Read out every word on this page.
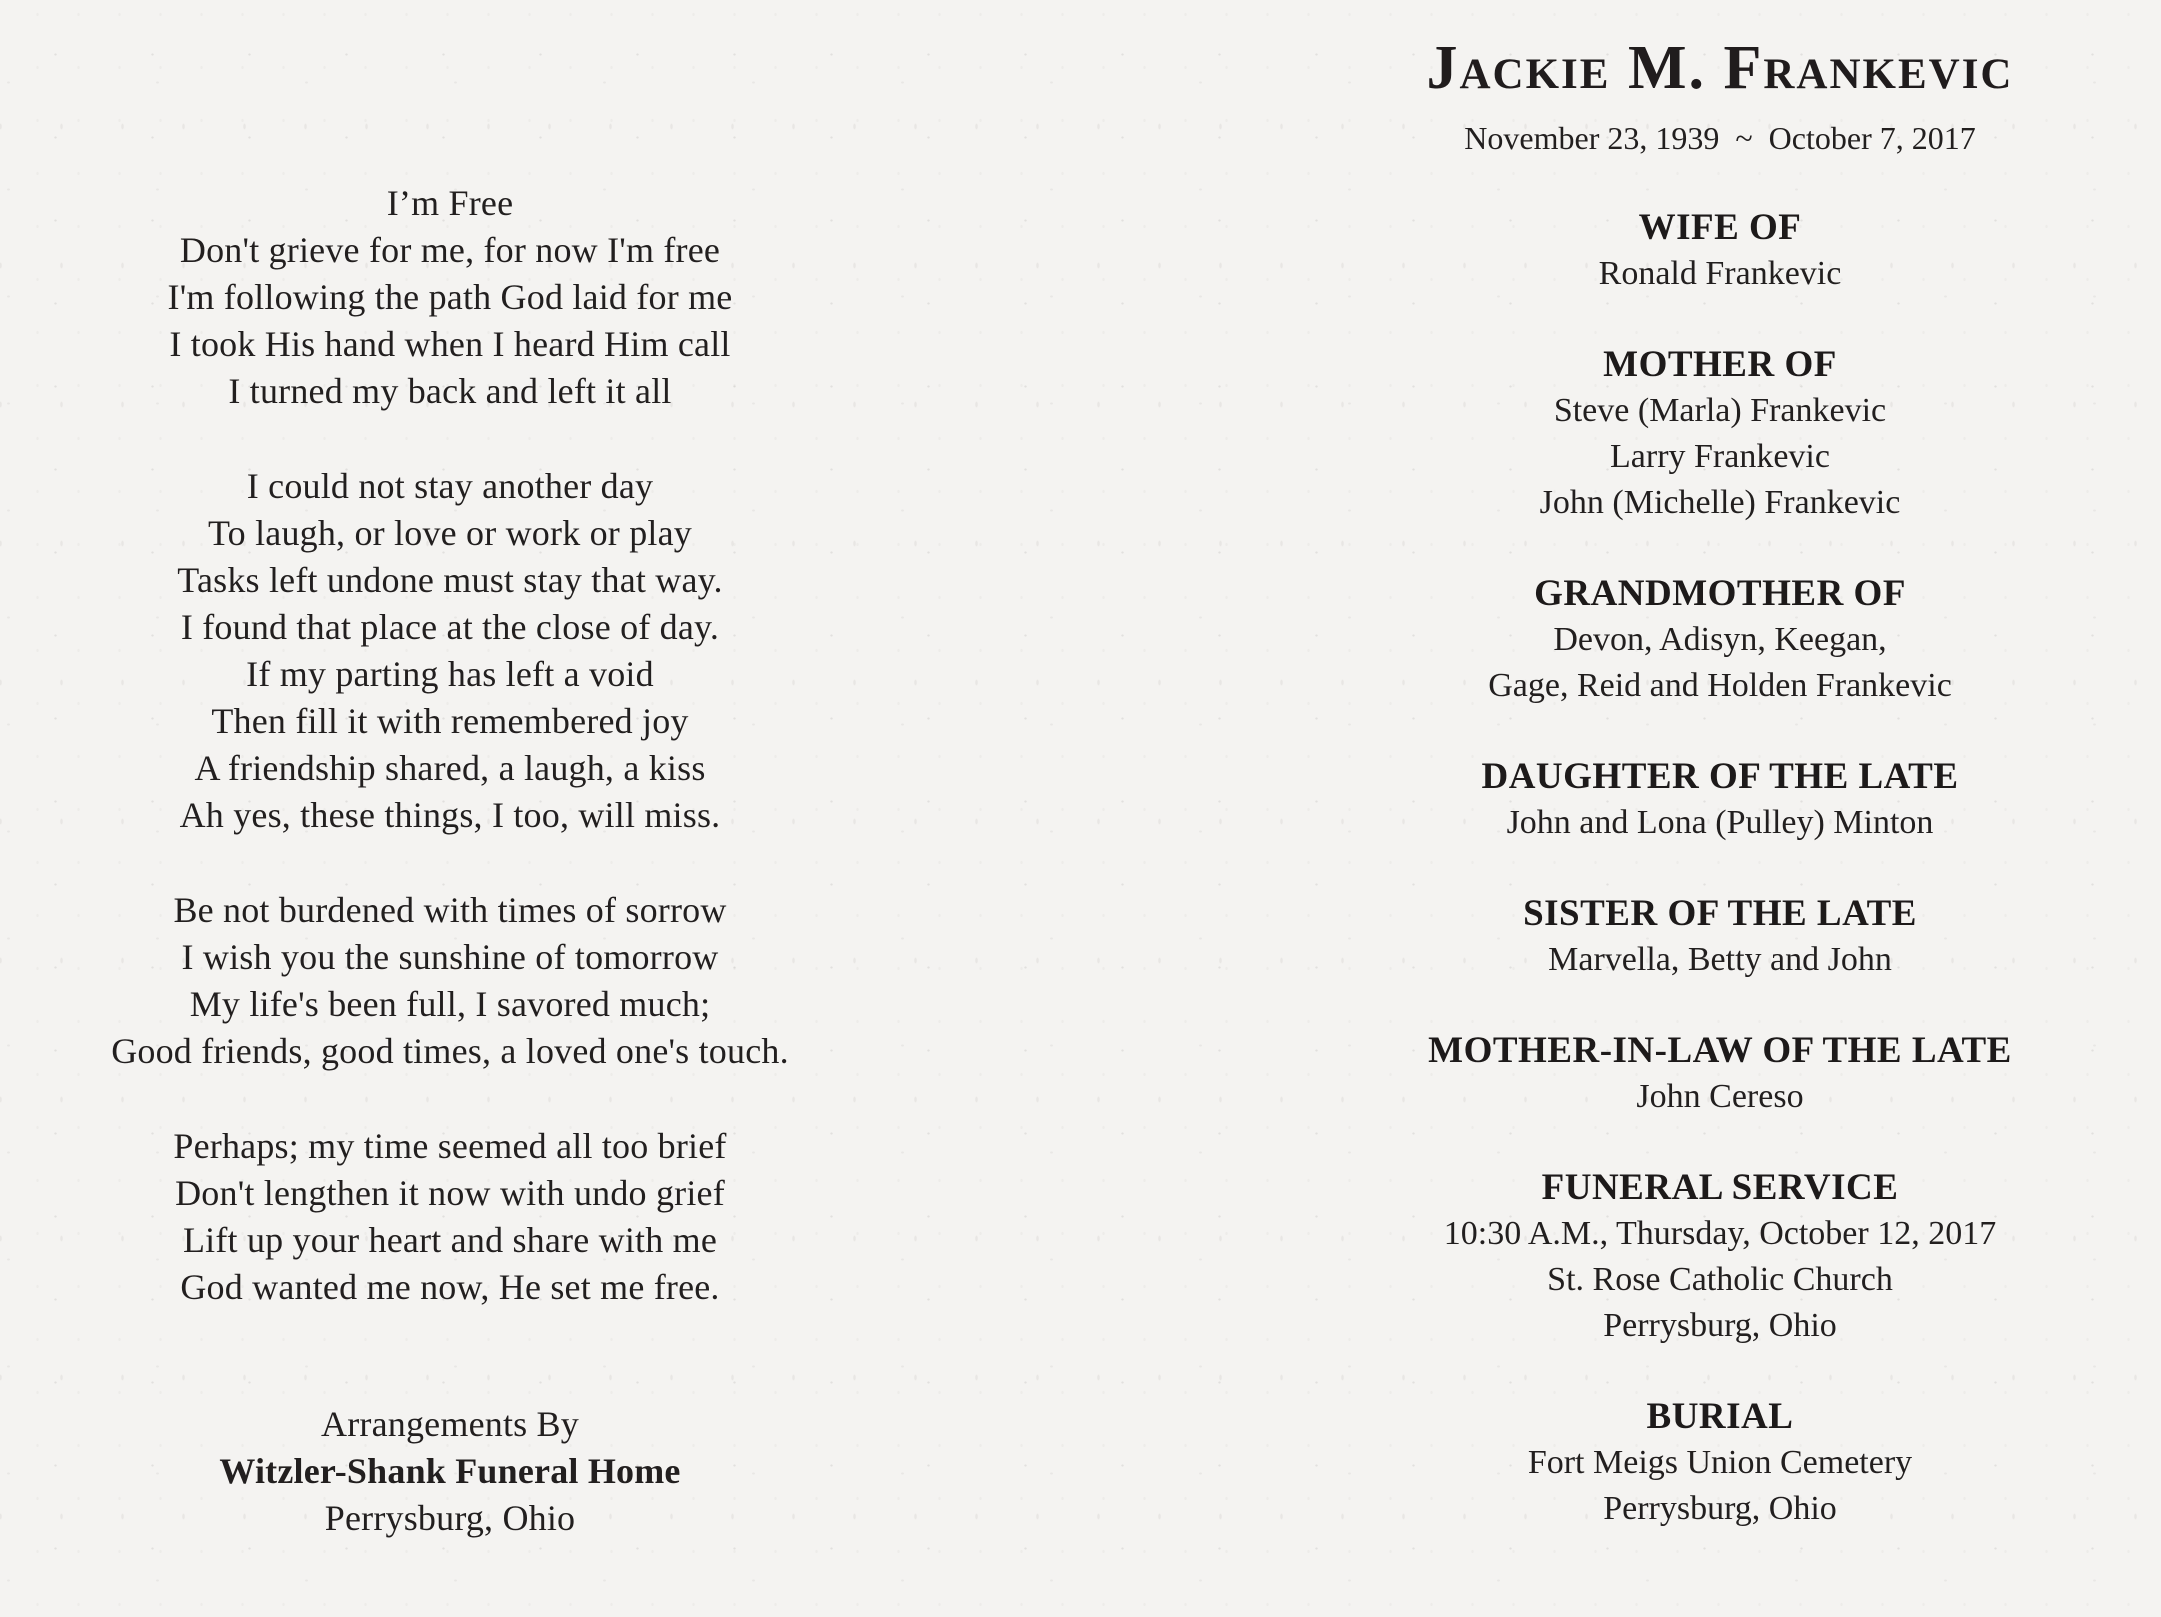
I’m Free
Don't grieve for me, for now I'm free
I'm following the path God laid for me
I took His hand when I heard Him call
I turned my back and left it all
I could not stay another day
To laugh, or love or work or play
Tasks left undone must stay that way.
I found that place at the close of day.
If my parting has left a void
Then fill it with remembered joy
A friendship shared, a laugh, a kiss
Ah yes, these things, I too, will miss.
Be not burdened with times of sorrow
I wish you the sunshine of tomorrow
My life's been full, I savored much;
Good friends, good times, a loved one's touch.
Perhaps; my time seemed all too brief
Don't lengthen it now with undo grief
Lift up your heart and share with me
God wanted me now, He set me free.
Arrangements By
Witzler-Shank Funeral Home
Perrysburg, Ohio
Jackie M. Frankevic
November 23, 1939  ~  October 7, 2017
WIFE OF
Ronald Frankevic
MOTHER OF
Steve (Marla) Frankevic
Larry Frankevic
John (Michelle) Frankevic
GRANDMOTHER OF
Devon, Adisyn, Keegan,
Gage, Reid and Holden Frankevic
DAUGHTER OF THE LATE
John and Lona (Pulley) Minton
SISTER OF THE LATE
Marvella, Betty and John
MOTHER-IN-LAW OF THE LATE
John Cereso
FUNERAL SERVICE
10:30 A.M., Thursday, October 12, 2017
St. Rose Catholic Church
Perrysburg, Ohio
BURIAL
Fort Meigs Union Cemetery
Perrysburg, Ohio
